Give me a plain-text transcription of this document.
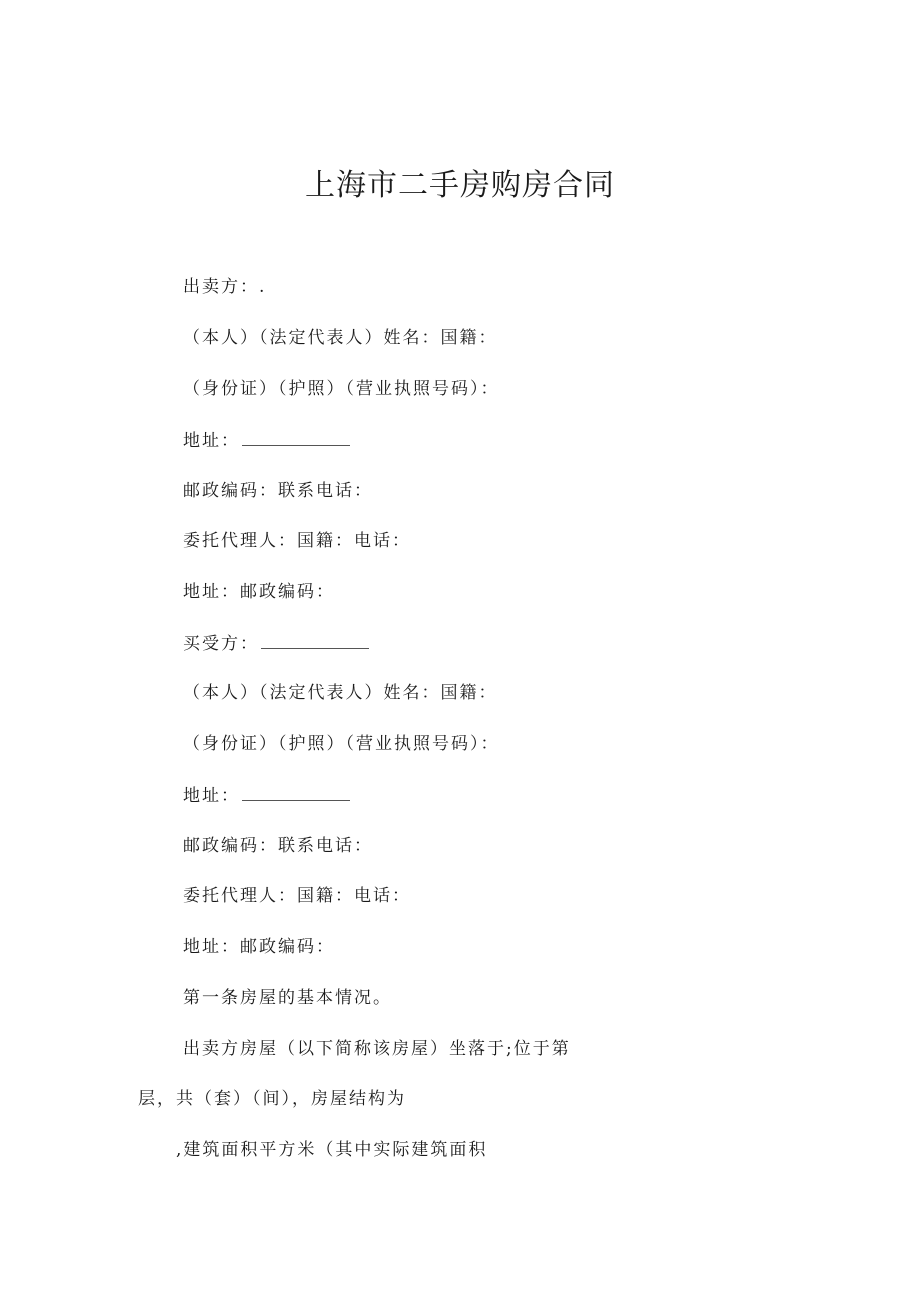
上海市二手房购房合同
出卖方：.
（本人）（法定代表人）姓名：国籍：
（身份证）（护照）（营业执照号码）：
地址：
邮政编码：联系电话：
委托代理人：国籍：电话：
地址：邮政编码：
买受方：
（本人）（法定代表人）姓名：国籍：
（身份证）（护照）（营业执照号码）：
地址：
邮政编码：联系电话：
委托代理人：国籍：电话：
地址：邮政编码：
第一条房屋的基本情况。
出卖方房屋（以下简称该房屋）坐落于;位于第
层，共（套）（间），房屋结构为
,建筑面积平方米（其中实际建筑面积
